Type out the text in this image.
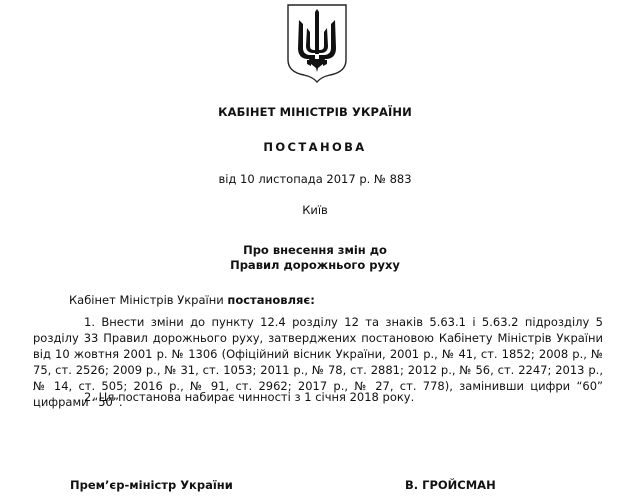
КАБІНЕТ МІНІСТРІВ УКРАЇНИ
ПОСТАНОВА
від 10 листопада 2017 р. № 883
Київ
Про внесення змін до
Правил дорожнього руху
Кабінет Міністрів України постановляє:
1. Внести зміни до пункту 12.4 розділу 12 та знаків 5.63.1 і 5.63.2 підрозділу 5 розділу 33 Правил дорожнього руху, затверджених постановою Кабінету Міністрів України від 10 жовтня 2001 р. № 1306 (Офіційний вісник України, 2001 р., № 41, ст. 1852; 2008 р., № 75, ст. 2526; 2009 р., № 31, ст. 1053; 2011 р., № 78, ст. 2881; 2012 р., № 56, ст. 2247; 2013 р., № 14, ст. 505; 2016 р., № 91, ст. 2962; 2017 р., № 27, ст. 778), замінивши цифри “60” цифрами “50”.
2. Ця постанова набирає чинності з 1 січня 2018 року.
Прем’єр-міністр України	В. ГРОЙСМАН
